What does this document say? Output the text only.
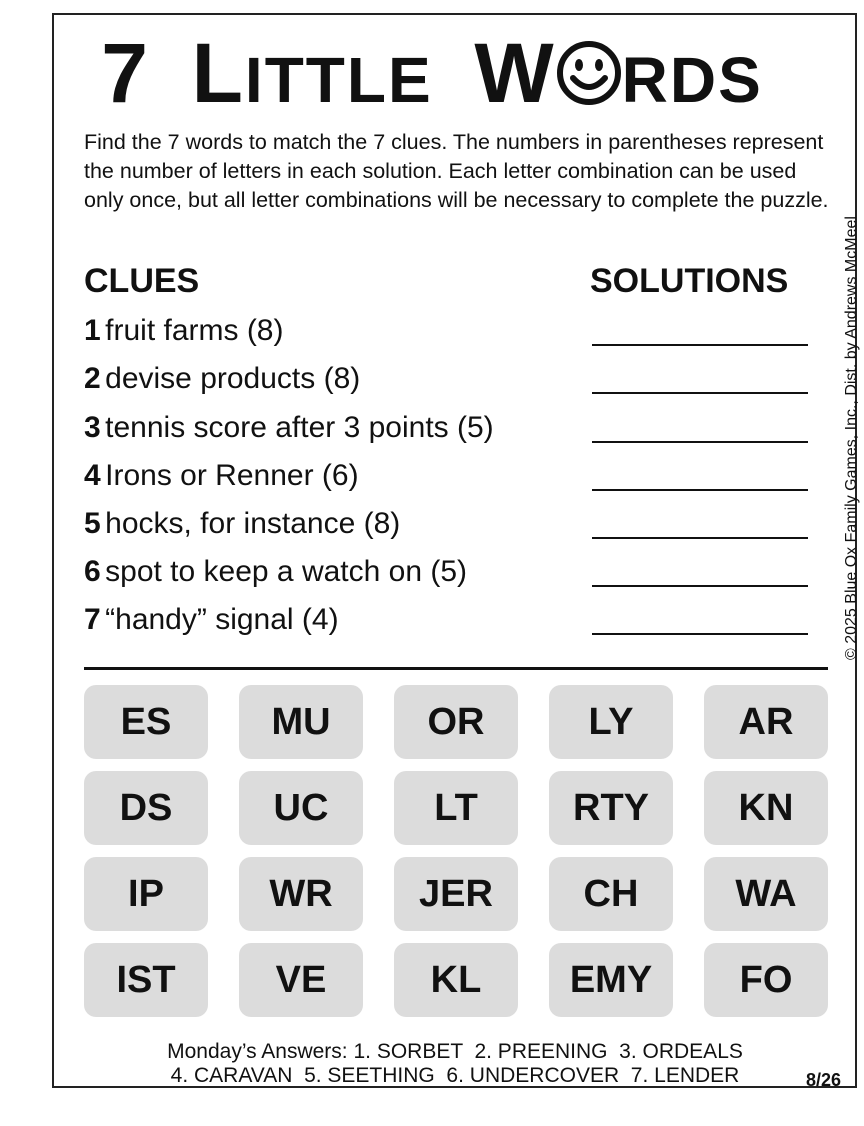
7 LITTLE W RDS
Find the 7 words to match the 7 clues. The numbers in parentheses represent the number of letters in each solution. Each letter combination can be used only once, but all letter combinations will be necessary to complete the puzzle.
© 2025 Blue Ox Family Games, Inc., Dist. by Andrews McMeel
CLUES	SOLUTIONS
1 fruit farms (8)
2 devise products (8)
3 tennis score after 3 points (5)
4 Irons or Renner (6)
5 hocks, for instance (8)
6 spot to keep a watch on (5)
7 “handy” signal (4)
ES	MU	OR	LY	AR
DS	UC	LT	RTY	KN
IP	WR	JER	CH	WA
IST	VE	KL	EMY	FO
Monday’s Answers: 1. SORBET  2. PREENING  3. ORDEALS
4. CARAVAN  5. SEETHING  6. UNDERCOVER  7. LENDER	8/26
